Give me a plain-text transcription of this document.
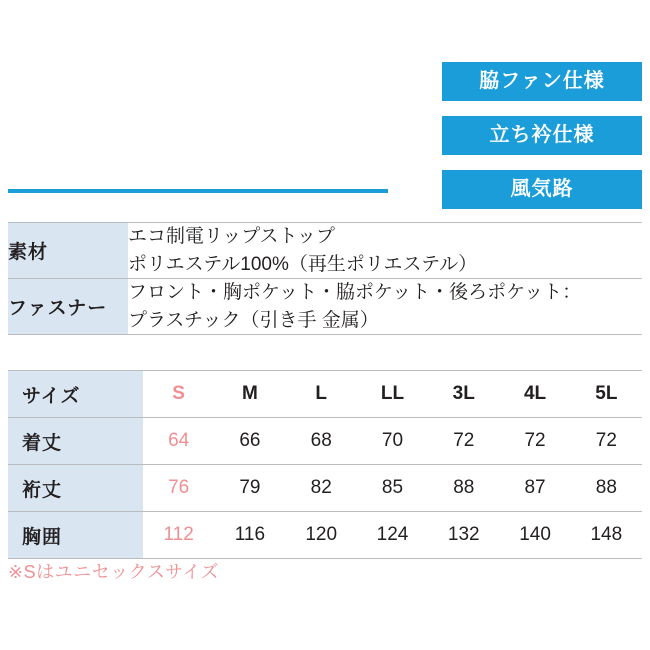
脇ファン仕様
立ち衿仕様
風気路
素材	エコ制電リップストップ
ポリエステル100%（再生ポリエステル）

ファスナー	フロント・胸ポケット・脇ポケット・後ろポケット：
プラスチック（引き手 金属）
サイズ	S	M	L	LL	3L	4L	5L
着丈	64	66	68	70	72	72	72
裄丈	76	79	82	85	88	87	88
胸囲	112	116	120	124	132	140	148
※Sはユニセックスサイズ
